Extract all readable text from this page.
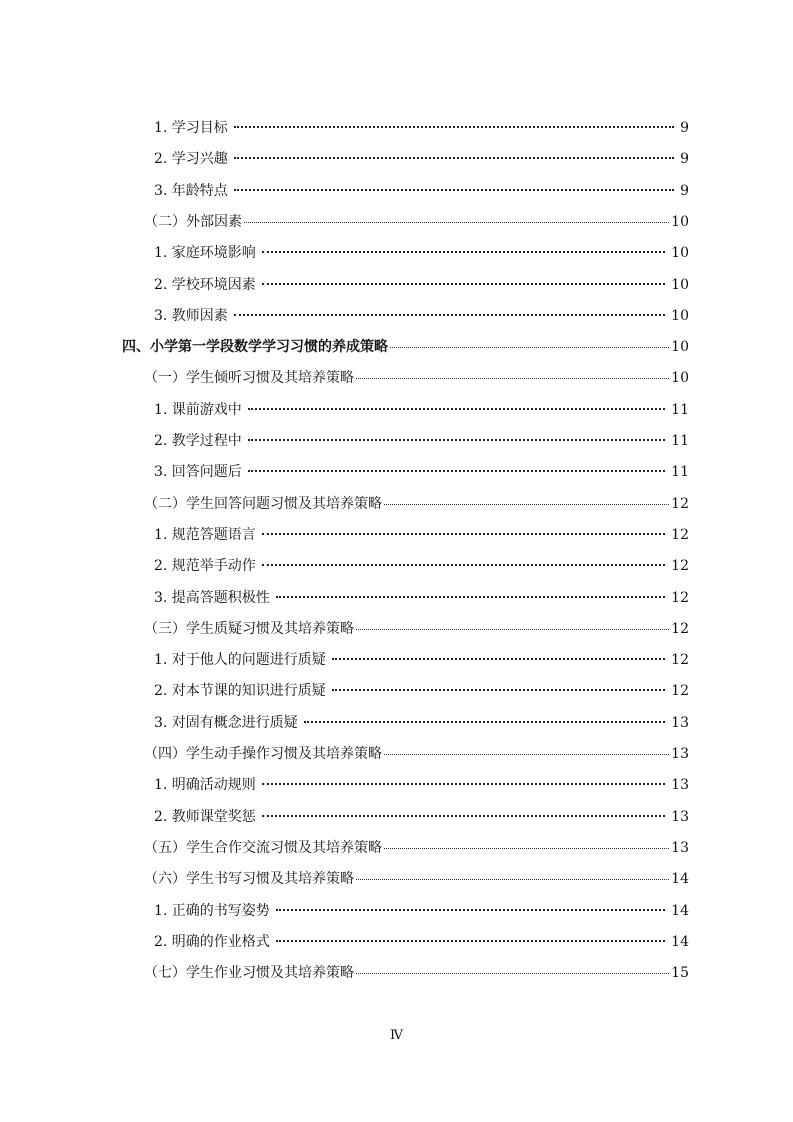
1. 学习目标	9
2. 学习兴趣	9
3. 年龄特点	9
（二）外部因素	10
1. 家庭环境影响	10
2. 学校环境因素	10
3. 教师因素	10
四、小学第一学段数学学习习惯的养成策略	10
（一）学生倾听习惯及其培养策略	10
1. 课前游戏中	11
2. 教学过程中	11
3. 回答问题后	11
（二）学生回答问题习惯及其培养策略	12
1. 规范答题语言	12
2. 规范举手动作	12
3. 提高答题积极性	12
（三）学生质疑习惯及其培养策略	12
1. 对于他人的问题进行质疑	12
2. 对本节课的知识进行质疑	12
3. 对固有概念进行质疑	13
（四）学生动手操作习惯及其培养策略	13
1. 明确活动规则	13
2. 教师课堂奖惩	13
（五）学生合作交流习惯及其培养策略	13
（六）学生书写习惯及其培养策略	14
1. 正确的书写姿势	14
2. 明确的作业格式	14
（七）学生作业习惯及其培养策略	15
Ⅳ
